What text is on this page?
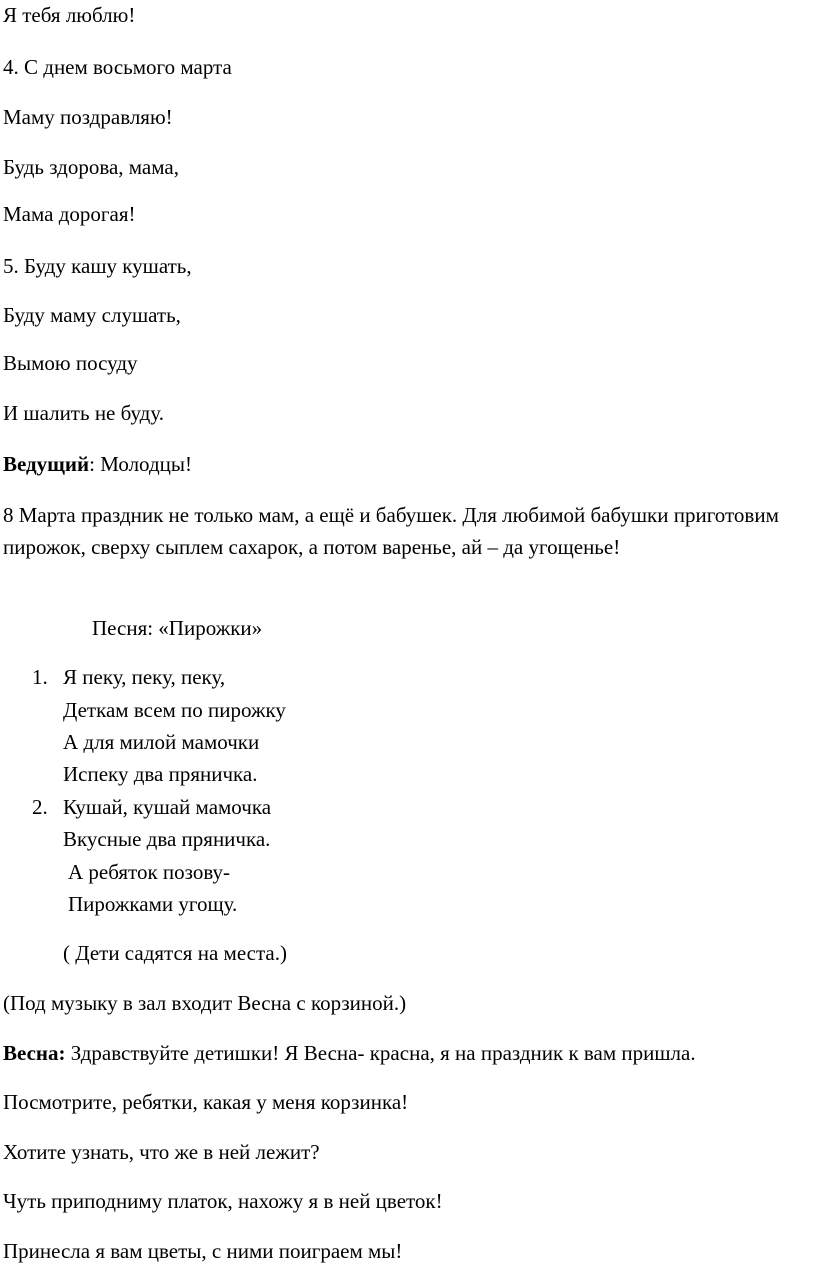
Я тебя люблю!

4. С днем восьмого марта

Маму поздравляю!

Будь здорова, мама,

Мама дорогая!

5. Буду кашу кушать,

Буду маму слушать,

Вымою посуду

И шалить не буду.

Ведущий: Молодцы!

8 Марта праздник не только мам, а ещё и бабушек. Для любимой бабушки приготовим пирожок, сверху сыплем сахарок, а потом варенье, ай – да угощенье!

Песня: «Пирожки»

1. Я пеку, пеку, пеку,
Деткам всем по пирожку
А для милой мамочки
Испеку два пряничка.
2. Кушай, кушай мамочка
Вкусные два пряничка.
А ребяток позову-
Пирожками угощу.

( Дети садятся на места.)

(Под музыку в зал входит Весна с корзиной.)

Весна: Здравствуйте детишки! Я Весна- красна, я на праздник к вам пришла.

Посмотрите, ребятки, какая у меня корзинка!

Хотите узнать, что же в ней лежит?

Чуть приподниму платок, нахожу я в ней цветок!

Принесла я вам цветы, с ними поиграем мы!
